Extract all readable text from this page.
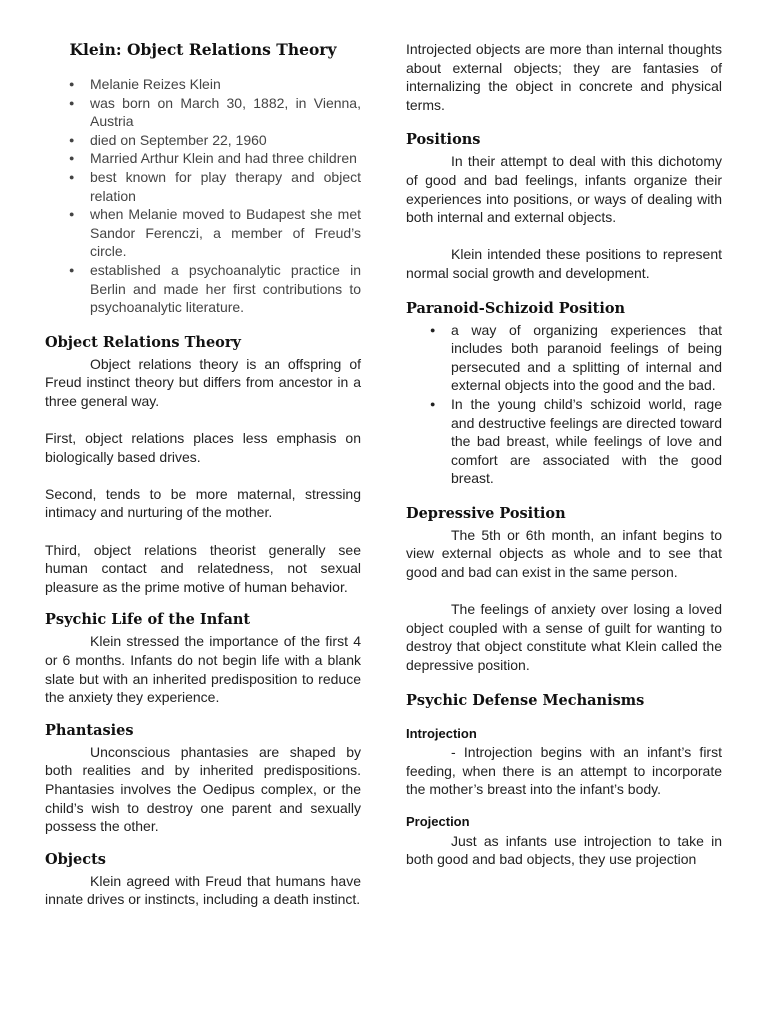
Klein: Object Relations Theory
● Melanie Reizes Klein
● was born on March 30, 1882, in Vienna, Austria
● died on September 22, 1960
● Married Arthur Klein and had three children
● best known for play therapy and object relation
● when Melanie moved to Budapest she met Sandor Ferenczi, a member of Freud’s circle.
● established a psychoanalytic practice in Berlin and made her first contributions to psychoanalytic literature.
Object Relations Theory

Object relations theory is an offspring of Freud instinct theory but differs from ancestor in a three general way.

First, object relations places less emphasis on biologically based drives.

Second, tends to be more maternal, stressing intimacy and nurturing of the mother.

Third, object relations theorist generally see human contact and relatedness, not sexual pleasure as the prime motive of human behavior.

Psychic Life of the Infant

Klein stressed the importance of the first 4 or 6 months. Infants do not begin life with a blank slate but with an inherited predisposition to reduce the anxiety they experience.

Phantasies

Unconscious phantasies are shaped by both realities and by inherited predispositions. Phantasies involves the Oedipus complex, or the child’s wish to destroy one parent and sexually possess the other.

Objects

Klein agreed with Freud that humans have innate drives or instincts, including a death instinct.

Introjected objects are more than internal thoughts about external objects; they are fantasies of internalizing the object in concrete and physical terms.

Positions

In their attempt to deal with this dichotomy of good and bad feelings, infants organize their experiences into positions, or ways of dealing with both internal and external objects.

Klein intended these positions to represent normal social growth and development.

Paranoid-Schizoid Position
● a way of organizing experiences that includes both paranoid feelings of being persecuted and a splitting of internal and external objects into the good and the bad.
● In the young child’s schizoid world, rage and destructive feelings are directed toward the bad breast, while feelings of love and comfort are associated with the good breast.
Depressive Position

The 5th or 6th month, an infant begins to view external objects as whole and to see that good and bad can exist in the same person.

The feelings of anxiety over losing a loved object coupled with a sense of guilt for wanting to destroy that object constitute what Klein called the depressive position.

Psychic Defense Mechanisms
Introjection

- Introjection begins with an infant’s first feeding, when there is an attempt to incorporate the mother’s breast into the infant’s body.

Projection

Just as infants use introjection to take in both good and bad objects, they use projection
